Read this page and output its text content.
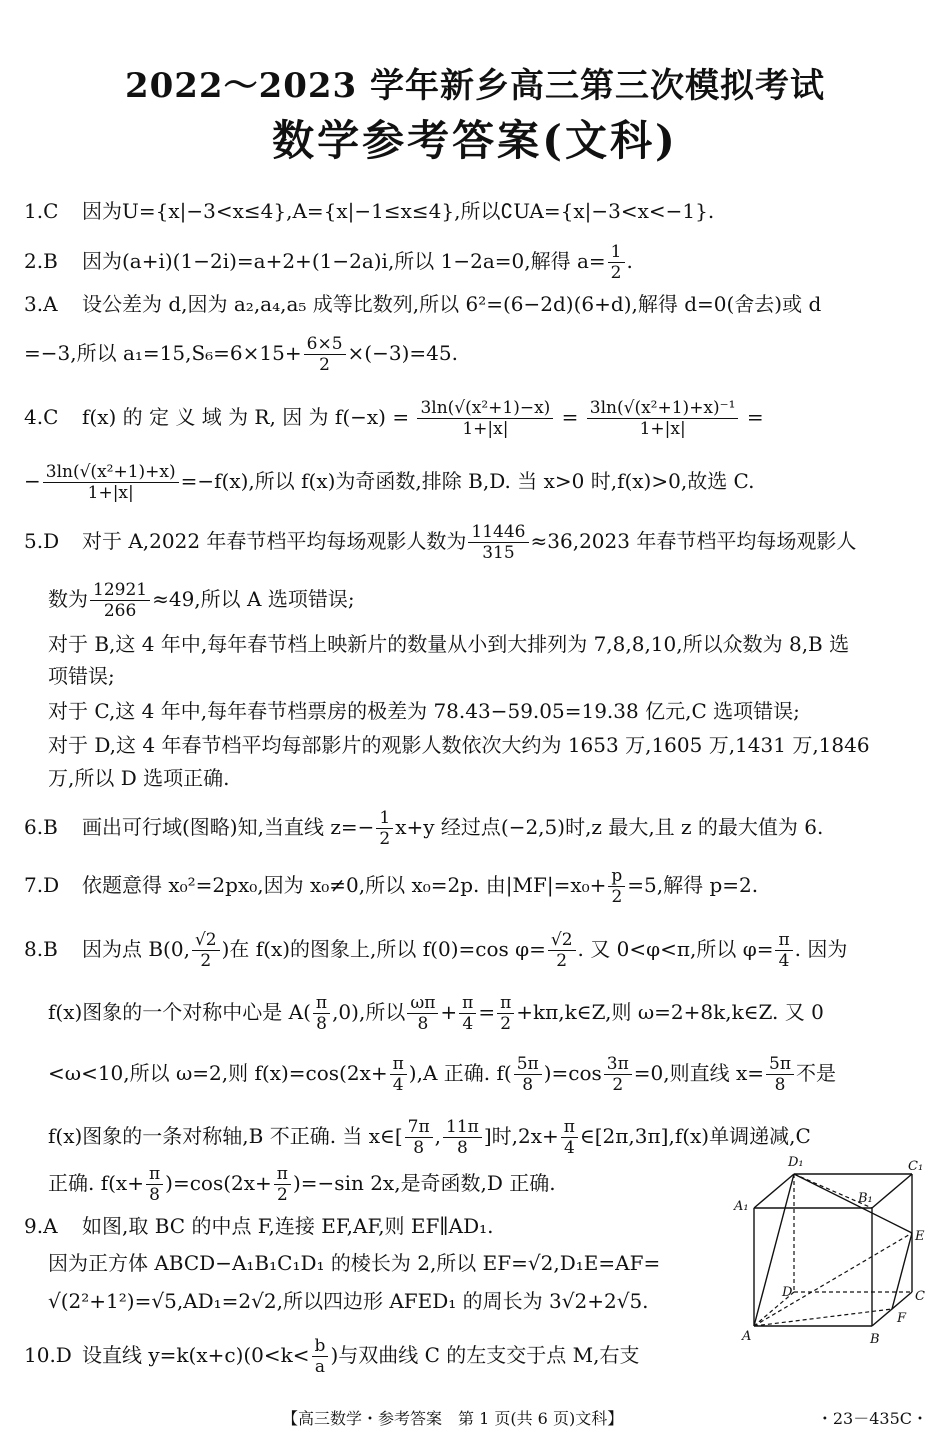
2022～2023 学年新乡高三第三次模拟考试
数学参考答案(文科)
1.C 因为U={x|−3<x≤4},A={x|−1≤x≤4},所以∁UA={x|−3<x<−1}.
2.B 因为(a+i)(1−2i)=a+2+(1−2a)i,所以 1−2a=0,解得 $a= \frac{1}{2}$ .
3.A 设公差为 d,因为 a₂,a₄,a₅ 成等比数列,所以 6²=(6−2d)(6+d),解得 d=0(舍去)或 d
=−3,所以 $a_1=15,S_6=6\times 15+ \frac{6\times 5}{2} \times(-3)=45$.
4.C f(x) 的 定 义 域 为 R, 因 为 $f(-x) = \frac{\text{3ln(√(x²+1)−x)}}{1+|x|} = \frac{\text{3ln(√(x²+1)+x)⁻¹}}{1+|x|}$ =
− $\frac{\text{3ln(√(x²+1)+x)}}{1+|x|} =-f(x)$,所以 f(x)为奇函数,排除 B,D. 当 x>0 时,f(x)>0,故选 C.
5.D 对于 A,2022 年春节档平均每场观影人数为 $\frac{11446}{315} \approx 36,2023$ 年春节档平均每场观影人
数为 $\frac{12921}{266} \approx 49$,所以 A 选项错误;
对于 B,这 4 年中,每年春节档上映新片的数量从小到大排列为 7,8,8,10,所以众数为 8,B 选
项错误;
对于 C,这 4 年中,每年春节档票房的极差为 78.43−59.05=19.38 亿元,C 选项错误;
对于 D,这 4 年春节档平均每部影片的观影人数依次大约为 1653 万,1605 万,1431 万,1846
万,所以 D 选项正确.
6.B 画出可行域(图略)知,当直线 $z=- \frac{1}{2} x+y$ 经过点(−2,5)时,z 最大,且 z 的最大值为 6.
7.D 依题意得 x₀²=2px₀,因为 x₀≠0,所以 x₀=2p. 由$|MF|=x_0+ \frac{p}{2} =5$,解得 p=2.
8.B 因为点 B(0, $\frac{√2}{2}$ )在 f(x)的图象上,所以 f(0)=cos $\varphi= \frac{√2}{2}$ . 又 0<φ<π,所以 $\varphi= \frac{\pi}{4}$ . 因为
f(x)图象的一个对称中心是 $A( \frac{\pi}{8} ,0)$,所以 $\frac{\omega\pi}{8} + \frac{\pi}{4} = \frac{\pi}{2}$ +kπ,k∈Z,则 ω=2+8k,k∈Z. 又 0
<ω<10,所以 ω=2,则 $f(x)=\cos(2x+ \frac{\pi}{4} ),A$ 正确. $f( \frac{5\pi}{8} )=\cos \frac{3\pi}{2} =0$,则直线 $x= \frac{5\pi}{8}$ 不是
f(x)图象的一条对称轴,B 不正确. 当 x∈[ $\frac{7\pi}{8}$ , $\frac{11\pi}{8}$ ]时$,2x+ \frac{\pi}{4}$ ∈[2π,3π],f(x)单调递减,C
正确. $f(x+ \frac{\pi}{8} )=\cos(2x+ \frac{\pi}{2} )=-\sin$ 2x,是奇函数,D 正确.
9.A 如图,取 BC 的中点 F,连接 EF,AF,则 EF∥AD₁.
因为正方体 ABCD−A₁B₁C₁D₁ 的棱长为 2,所以 EF=√2,D₁E=AF=
√(2²+1²)=√5,AD₁=2√2,所以四边形 AFED₁ 的周长为 3√2+2√5.
10.D 设直线 $y=k(x+c)(0<k< \frac{b}{a}$ )与双曲线 C 的左支交于点 M,右支
D₁	C₁
A₁
B₁
E
D	C
F
A	B
【高三数学・参考答案　第 1 页(共 6 页)文科】	・23－435C・
